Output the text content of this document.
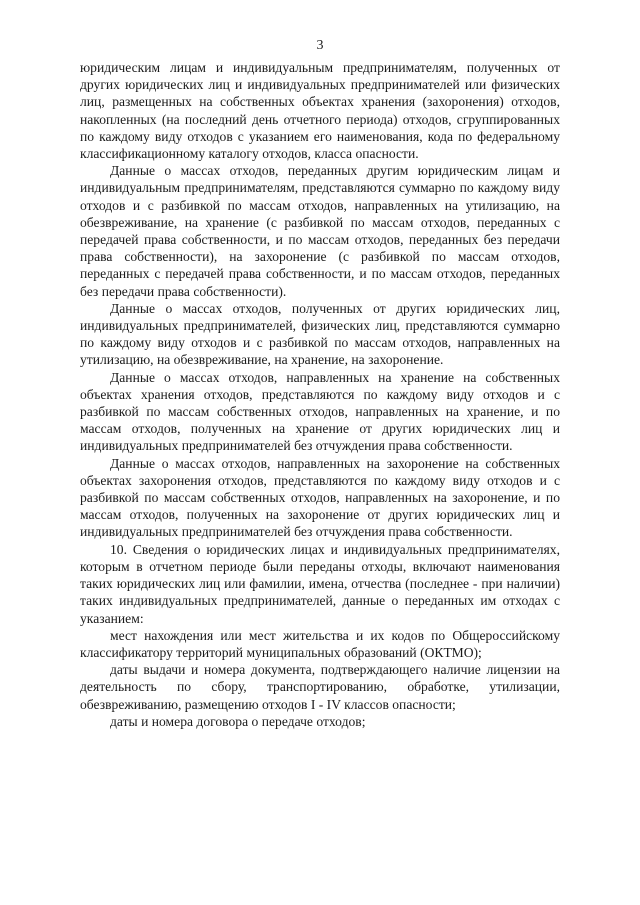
3

юридическим лицам и индивидуальным предпринимателям, полученных от других юридических лиц и индивидуальных предпринимателей или физических лиц, размещенных на собственных объектах хранения (захоронения) отходов, накопленных (на последний день отчетного периода) отходов, сгруппированных по каждому виду отходов с указанием его наименования, кода по федеральному классификационному каталогу отходов, класса опасности.

Данные о массах отходов, переданных другим юридическим лицам и индивидуальным предпринимателям, представляются суммарно по каждому виду отходов и с разбивкой по массам отходов, направленных на утилизацию, на обезвреживание, на хранение (с разбивкой по массам отходов, переданных с передачей права собственности, и по массам отходов, переданных без передачи права собственности), на захоронение (с разбивкой по массам отходов, переданных с передачей права собственности, и по массам отходов, переданных без передачи права собственности).

Данные о массах отходов, полученных от других юридических лиц, индивидуальных предпринимателей, физических лиц, представляются суммарно по каждому виду отходов и с разбивкой по массам отходов, направленных на утилизацию, на обезвреживание, на хранение, на захоронение.

Данные о массах отходов, направленных на хранение на собственных объектах хранения отходов, представляются по каждому виду отходов и с разбивкой по массам собственных отходов, направленных на хранение, и по массам отходов, полученных на хранение от других юридических лиц и индивидуальных предпринимателей без отчуждения права собственности.

Данные о массах отходов, направленных на захоронение на собственных объектах захоронения отходов, представляются по каждому виду отходов и с разбивкой по массам собственных отходов, направленных на захоронение, и по массам отходов, полученных на захоронение от других юридических лиц и индивидуальных предпринимателей без отчуждения права собственности.

10. Сведения о юридических лицах и индивидуальных предпринимателях, которым в отчетном периоде были переданы отходы, включают наименования таких юридических лиц или фамилии, имена, отчества (последнее - при наличии) таких индивидуальных предпринимателей, данные о переданных им отходах с указанием:

мест нахождения или мест жительства и их кодов по Общероссийскому классификатору территорий муниципальных образований (ОКТМО);

даты выдачи и номера документа, подтверждающего наличие лицензии на деятельность по сбору, транспортированию, обработке, утилизации, обезвреживанию, размещению отходов I - IV классов опасности;

даты и номера договора о передаче отходов;
